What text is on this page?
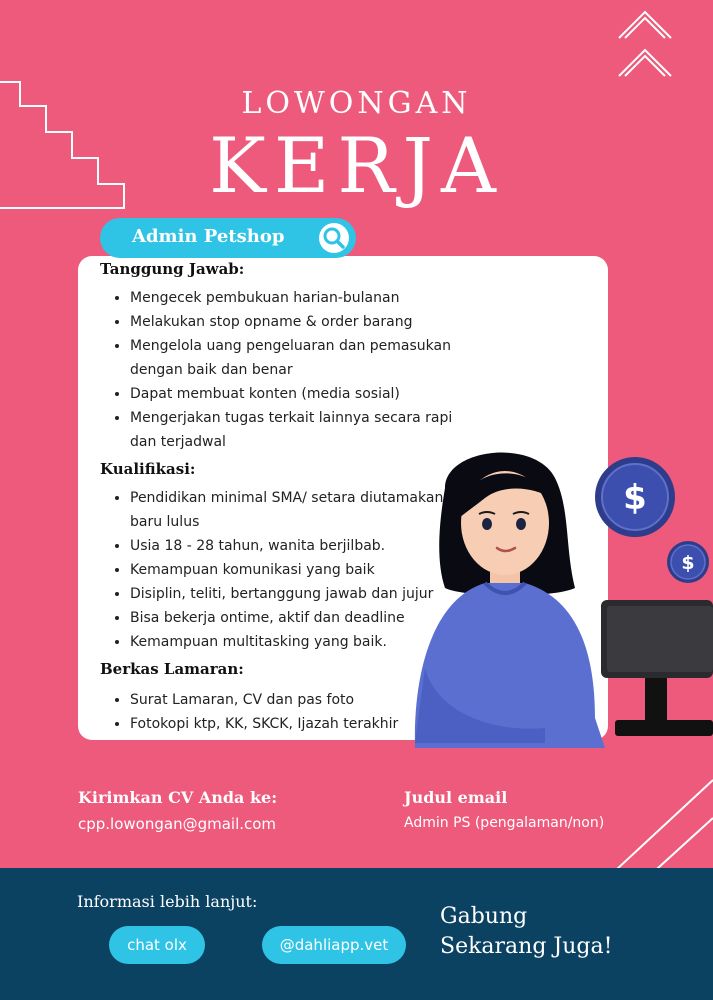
LOWONGAN
KERJA
Tanggung Jawab:
• Mengecek pembukuan harian-bulanan
• Melakukan stop opname & order barang
• Mengelola uang pengeluaran dan pemasukan dengan baik dan benar
• Dapat membuat konten (media sosial)
• Mengerjakan tugas terkait lainnya secara rapi dan terjadwal
Kualifikasi:
• Pendidikan minimal SMA/ setara diutamakan baru lulus
• Usia 18 - 28 tahun, wanita berjilbab.
• Kemampuan komunikasi yang baik
• Disiplin, teliti, bertanggung jawab dan jujur
• Bisa bekerja ontime, aktif dan deadline
• Kemampuan multitasking yang baik.
Berkas Lamaran:
• Surat Lamaran, CV dan pas foto
• Fotokopi ktp, KK, SKCK, Ijazah terakhir
Admin Petshop
$
$
Kirimkan CV Anda ke:
cpp.lowongan@gmail.com
Judul email
Admin PS (pengalaman/non)
Informasi lebih lanjut:
chat olx	@dahliapp.vet
Gabung
Sekarang Juga!
